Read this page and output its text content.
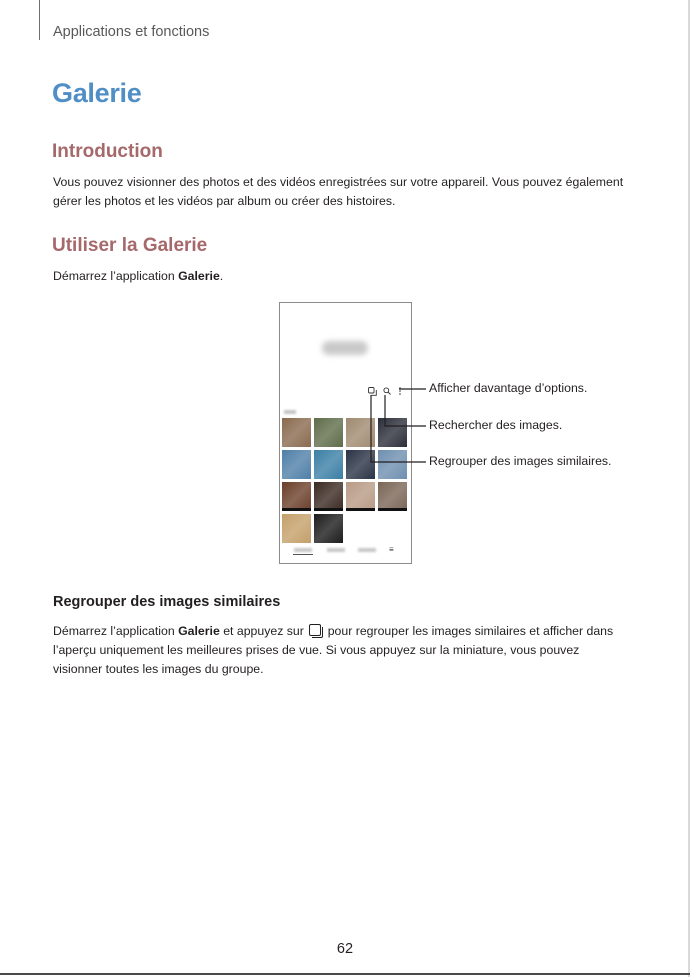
Applications et fonctions
Galerie
Introduction
Vous pouvez visionner des photos et des vidéos enregistrées sur votre appareil. Vous pouvez également gérer les photos et les vidéos par album ou créer des histoires.
Utiliser la Galerie
Démarrez l’application Galerie.
≡
Afficher davantage d’options.
Rechercher des images.
Regrouper des images similaires.
Regrouper des images similaires
Démarrez l’application Galerie et appuyez sur  pour regrouper les images similaires et afficher dans l’aperçu uniquement les meilleures prises de vue. Si vous appuyez sur la miniature, vous pouvez visionner toutes les images du groupe.
62
